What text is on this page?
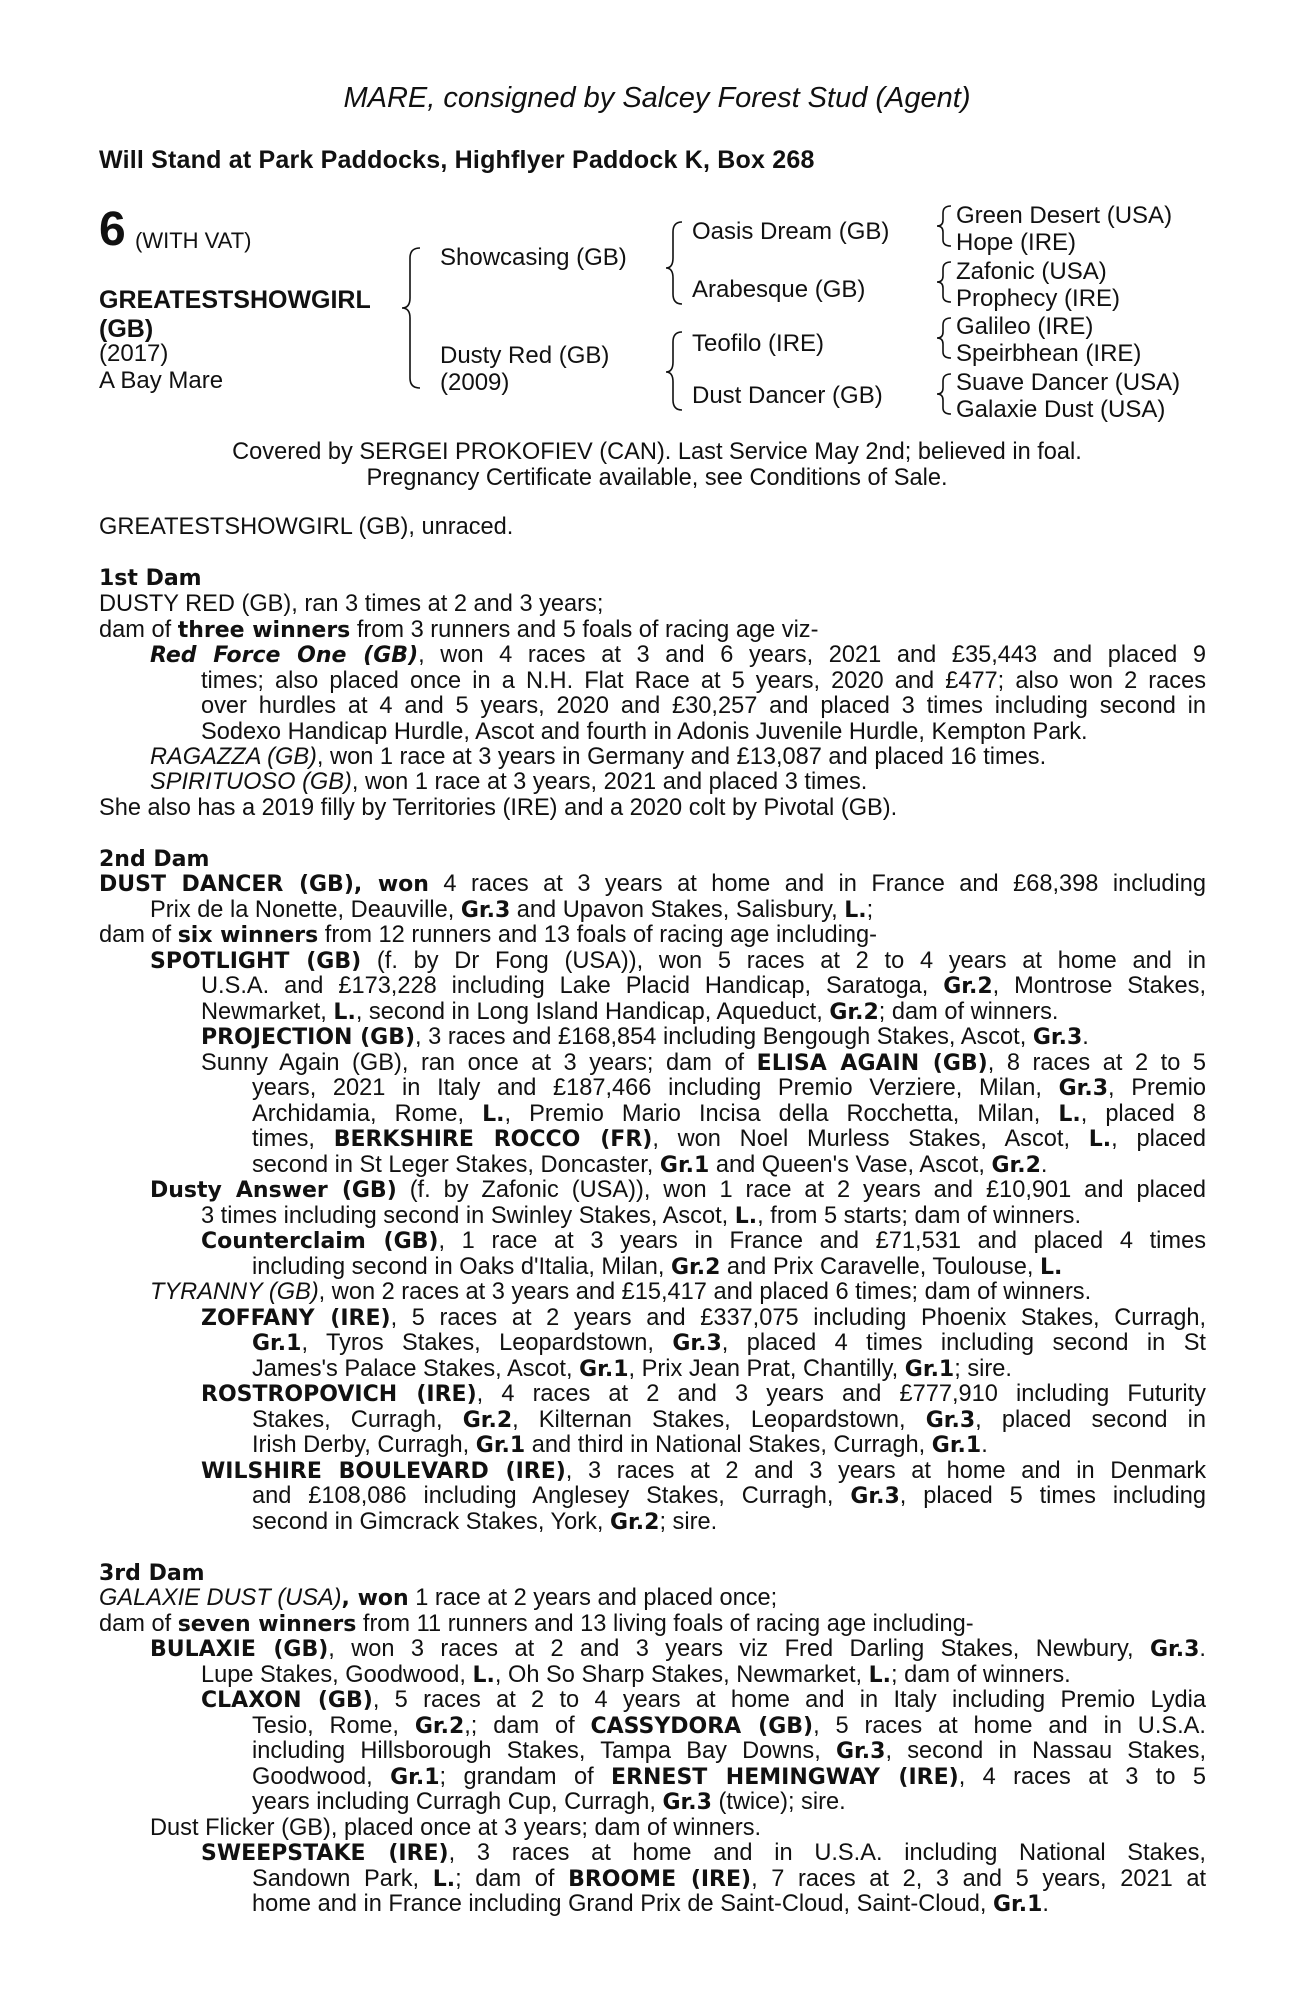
MARE, consigned by Salcey Forest Stud (Agent)
Will Stand at Park Paddocks, Highflyer Paddock K, Box 268
6 (WITH VAT)
GREATESTSHOWGIRL (GB)
(2017)
A Bay Mare
Showcasing (GB)
Dusty Red (GB)
(2009)
Oasis Dream (GB)
Arabesque (GB)
Teofilo (IRE)
Dust Dancer (GB)
Green Desert (USA)
Hope (IRE)
Zafonic (USA)
Prophecy (IRE)
Galileo (IRE)
Speirbhean (IRE)
Suave Dancer (USA)
Galaxie Dust (USA)
Covered by SERGEI PROKOFIEV (CAN). Last Service May 2nd; believed in foal.
Pregnancy Certificate available, see Conditions of Sale.
GREATESTSHOWGIRL (GB), unraced.
1st Dam
DUSTY RED (GB), ran 3 times at 2 and 3 years;
dam of three winners from 3 runners and 5 foals of racing age viz-
Red Force One (GB), won 4 races at 3 and 6 years, 2021 and £35,443 and placed 9
times; also placed once in a N.H. Flat Race at 5 years, 2020 and £477; also won 2 races
over hurdles at 4 and 5 years, 2020 and £30,257 and placed 3 times including second in
Sodexo Handicap Hurdle, Ascot and fourth in Adonis Juvenile Hurdle, Kempton Park.
RAGAZZA (GB), won 1 race at 3 years in Germany and £13,087 and placed 16 times.
SPIRITUOSO (GB), won 1 race at 3 years, 2021 and placed 3 times.
She also has a 2019 filly by Territories (IRE) and a 2020 colt by Pivotal (GB).
2nd Dam
DUST DANCER (GB), won 4 races at 3 years at home and in France and £68,398 including
Prix de la Nonette, Deauville, Gr.3 and Upavon Stakes, Salisbury, L.;
dam of six winners from 12 runners and 13 foals of racing age including-
SPOTLIGHT (GB) (f. by Dr Fong (USA)), won 5 races at 2 to 4 years at home and in
U.S.A. and £173,228 including Lake Placid Handicap, Saratoga, Gr.2, Montrose Stakes,
Newmarket, L., second in Long Island Handicap, Aqueduct, Gr.2; dam of winners.
PROJECTION (GB), 3 races and £168,854 including Bengough Stakes, Ascot, Gr.3.
Sunny Again (GB), ran once at 3 years; dam of ELISA AGAIN (GB), 8 races at 2 to 5
years, 2021 in Italy and £187,466 including Premio Verziere, Milan, Gr.3, Premio
Archidamia, Rome, L., Premio Mario Incisa della Rocchetta, Milan, L., placed 8
times, BERKSHIRE ROCCO (FR), won Noel Murless Stakes, Ascot, L., placed
second in St Leger Stakes, Doncaster, Gr.1 and Queen's Vase, Ascot, Gr.2.
Dusty Answer (GB) (f. by Zafonic (USA)), won 1 race at 2 years and £10,901 and placed
3 times including second in Swinley Stakes, Ascot, L., from 5 starts; dam of winners.
Counterclaim (GB), 1 race at 3 years in France and £71,531 and placed 4 times
including second in Oaks d'Italia, Milan, Gr.2 and Prix Caravelle, Toulouse, L.
TYRANNY (GB), won 2 races at 3 years and £15,417 and placed 6 times; dam of winners.
ZOFFANY (IRE), 5 races at 2 years and £337,075 including Phoenix Stakes, Curragh,
Gr.1, Tyros Stakes, Leopardstown, Gr.3, placed 4 times including second in St
James's Palace Stakes, Ascot, Gr.1, Prix Jean Prat, Chantilly, Gr.1; sire.
ROSTROPOVICH (IRE), 4 races at 2 and 3 years and £777,910 including Futurity
Stakes, Curragh, Gr.2, Kilternan Stakes, Leopardstown, Gr.3, placed second in
Irish Derby, Curragh, Gr.1 and third in National Stakes, Curragh, Gr.1.
WILSHIRE BOULEVARD (IRE), 3 races at 2 and 3 years at home and in Denmark
and £108,086 including Anglesey Stakes, Curragh, Gr.3, placed 5 times including
second in Gimcrack Stakes, York, Gr.2; sire.
3rd Dam
GALAXIE DUST (USA), won 1 race at 2 years and placed once;
dam of seven winners from 11 runners and 13 living foals of racing age including-
BULAXIE (GB), won 3 races at 2 and 3 years viz Fred Darling Stakes, Newbury, Gr.3.
Lupe Stakes, Goodwood, L., Oh So Sharp Stakes, Newmarket, L.; dam of winners.
CLAXON (GB), 5 races at 2 to 4 years at home and in Italy including Premio Lydia
Tesio, Rome, Gr.2,; dam of CASSYDORA (GB), 5 races at home and in U.S.A.
including Hillsborough Stakes, Tampa Bay Downs, Gr.3, second in Nassau Stakes,
Goodwood, Gr.1; grandam of ERNEST HEMINGWAY (IRE), 4 races at 3 to 5
years including Curragh Cup, Curragh, Gr.3 (twice); sire.
Dust Flicker (GB), placed once at 3 years; dam of winners.
SWEEPSTAKE (IRE), 3 races at home and in U.S.A. including National Stakes,
Sandown Park, L.; dam of BROOME (IRE), 7 races at 2, 3 and 5 years, 2021 at
home and in France including Grand Prix de Saint-Cloud, Saint-Cloud, Gr.1.
